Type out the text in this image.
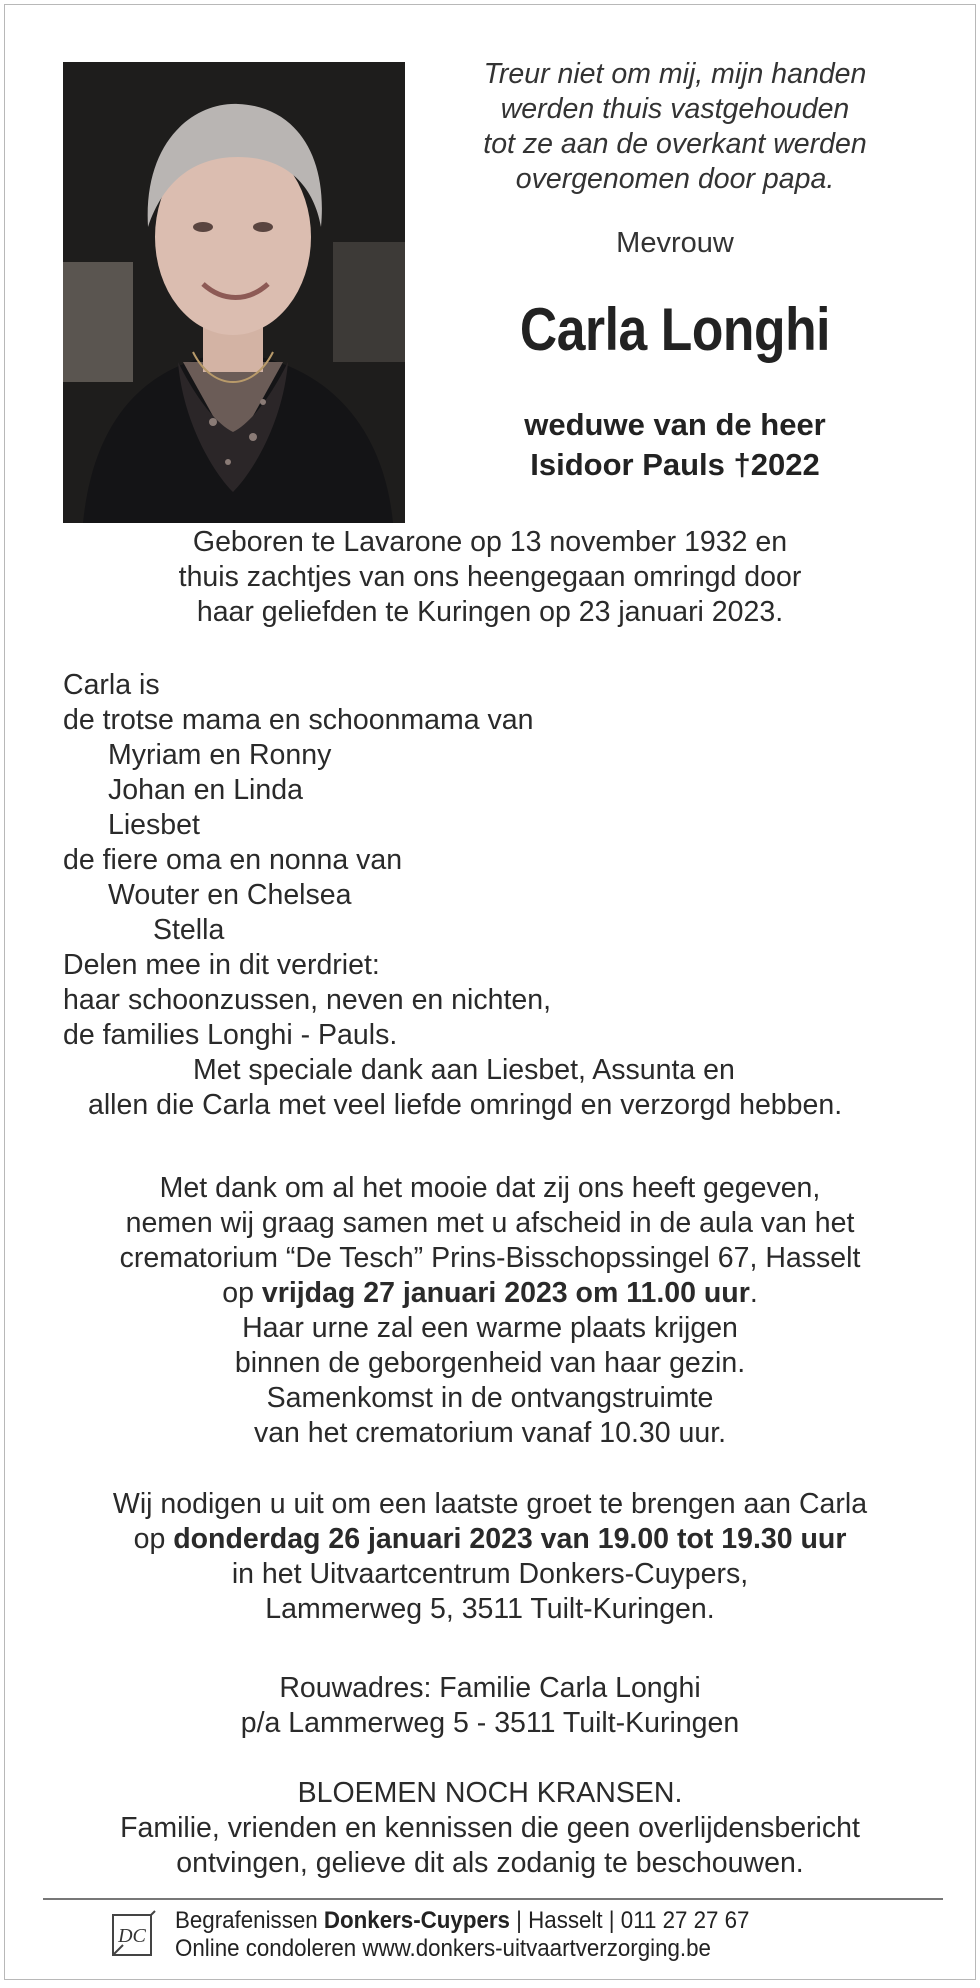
Treur niet om mij, mijn handen
werden thuis vastgehouden
tot ze aan de overkant werden
overgenomen door papa.
Mevrouw
Carla Longhi
weduwe van de heer
Isidoor Pauls †2022
Geboren te Lavarone op 13 november 1932 en
thuis zachtjes van ons heengegaan omringd door
haar geliefden te Kuringen op 23 januari 2023.
Carla is
de trotse mama en schoonmama van
Myriam en Ronny
Johan en Linda
Liesbet
de fiere oma en nonna van
Wouter en Chelsea
Stella
Delen mee in dit verdriet:
haar schoonzussen, neven en nichten,
de families Longhi - Pauls.
Met speciale dank aan Liesbet, Assunta en
allen die Carla met veel liefde omringd en verzorgd hebben.
Met dank om al het mooie dat zij ons heeft gegeven,
nemen wij graag samen met u afscheid in de aula van het
crematorium “De Tesch” Prins-Bisschopssingel 67, Hasselt
op vrijdag 27 januari 2023 om 11.00 uur.
Haar urne zal een warme plaats krijgen
binnen de geborgenheid van haar gezin.
Samenkomst in de ontvangstruimte
van het crematorium vanaf 10.30 uur.
Wij nodigen u uit om een laatste groet te brengen aan Carla
op donderdag 26 januari 2023 van 19.00 tot 19.30 uur
in het Uitvaartcentrum Donkers-Cuypers,
Lammerweg 5, 3511 Tuilt-Kuringen.
Rouwadres: Familie Carla Longhi
p/a Lammerweg 5 - 3511 Tuilt-Kuringen
BLOEMEN NOCH KRANSEN.
Familie, vrienden en kennissen die geen overlijdensbericht
ontvingen, gelieve dit als zodanig te beschouwen.
DC
Begrafenissen Donkers-Cuypers | Hasselt | 011 27 27 67
Online condoleren www.donkers-uitvaartverzorging.be
